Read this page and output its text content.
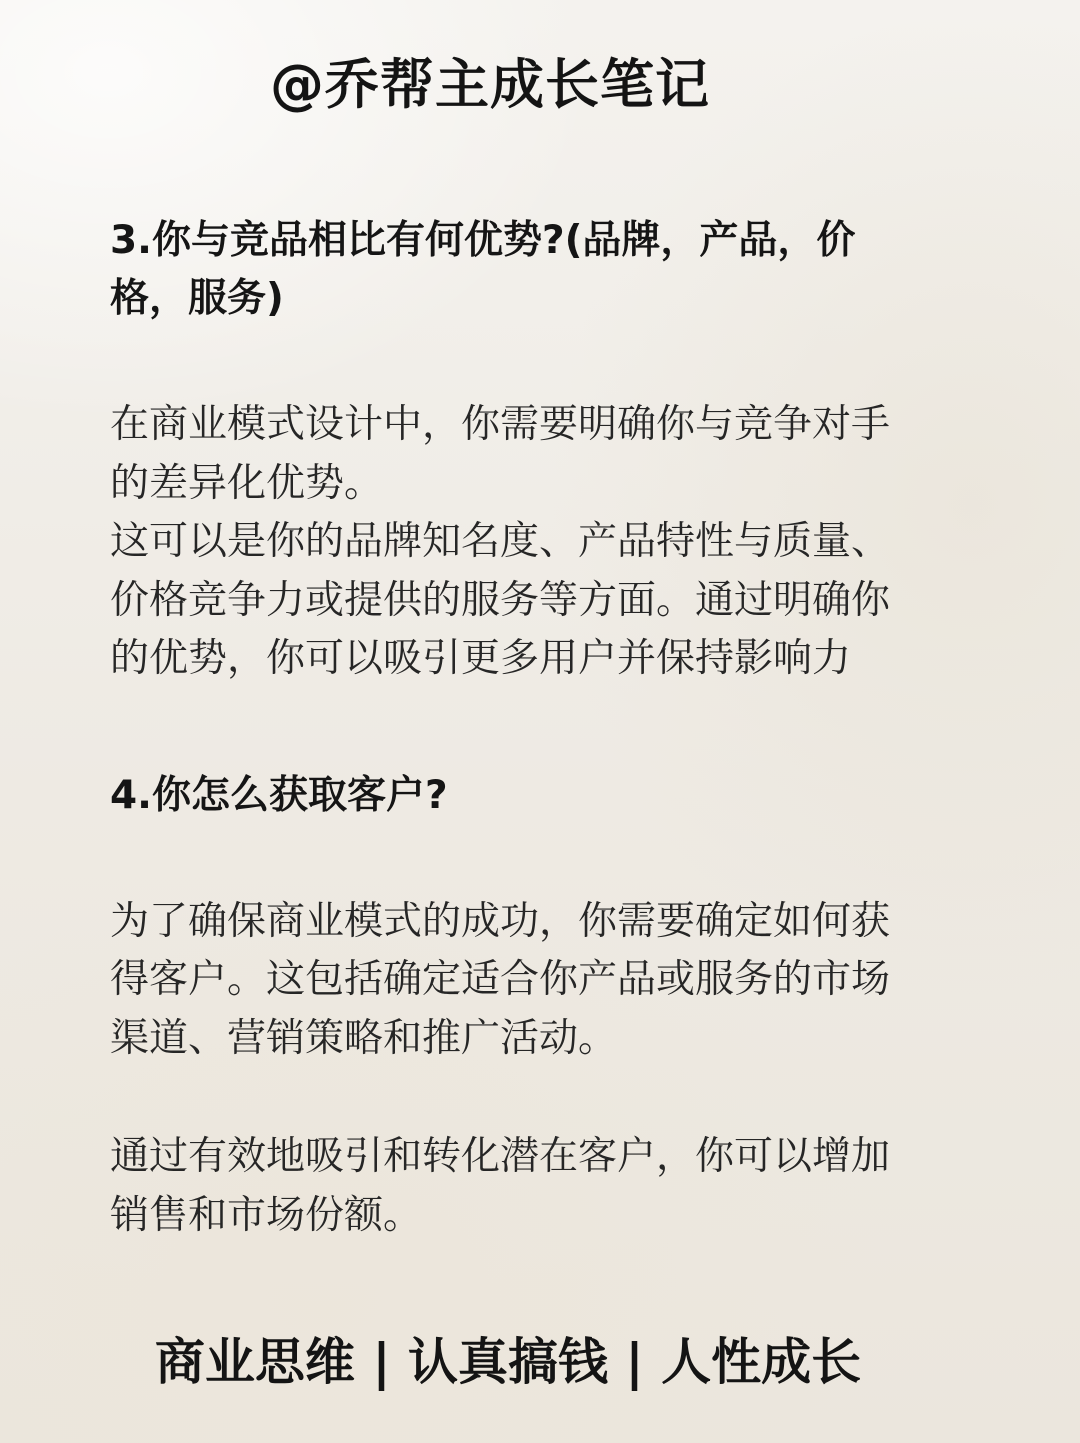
@乔帮主成长笔记
3.你与竞品相比有何优势?(品牌，产品，价格，服务)
在商业模式设计中，你需要明确你与竞争对手的差异化优势。
这可以是你的品牌知名度、产品特性与质量、价格竞争力或提供的服务等方面。通过明确你的优势，你可以吸引更多用户并保持影响力
4.你怎么获取客户?
为了确保商业模式的成功，你需要确定如何获得客户。这包括确定适合你产品或服务的市场渠道、营销策略和推广活动。
通过有效地吸引和转化潜在客户，你可以增加销售和市场份额。
商业思维 | 认真搞钱 | 人性成长
